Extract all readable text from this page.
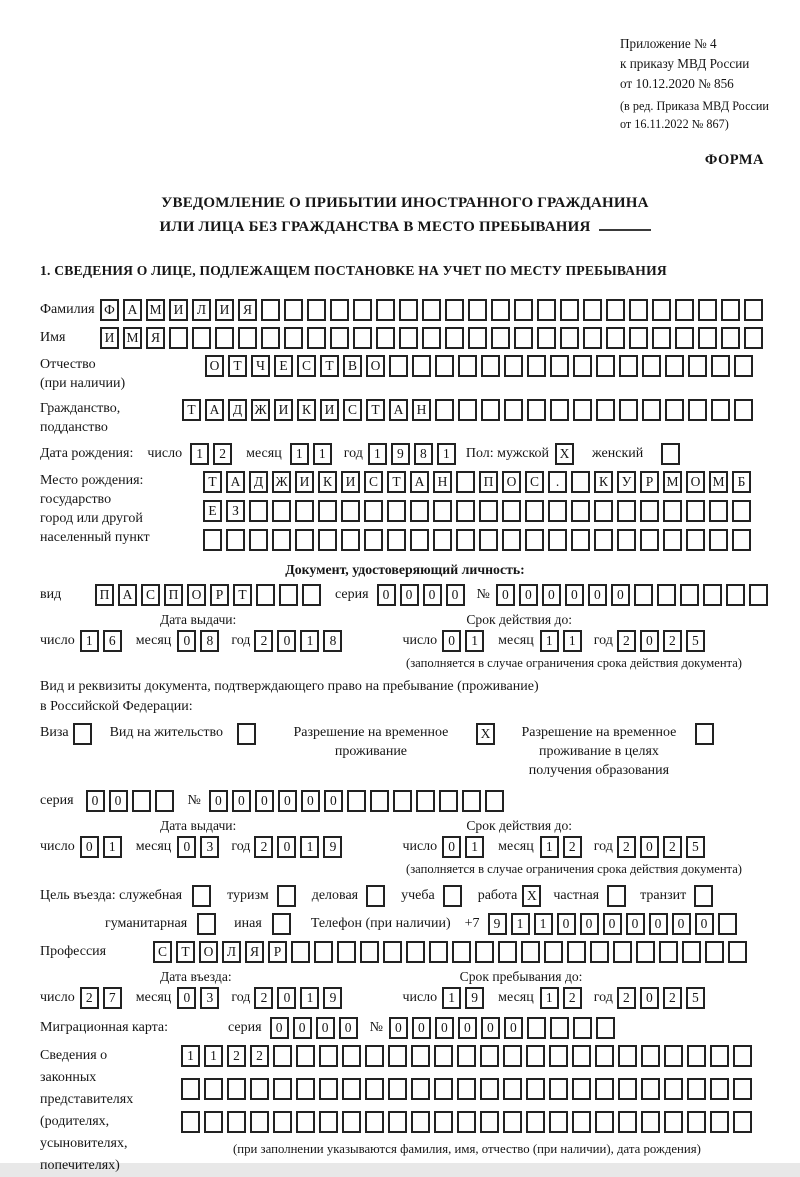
Приложение № 4
к приказу МВД России
от 10.12.2020 № 856
(в ред. Приказа МВД России
от 16.11.2022 № 867)
ФОРМА
УВЕДОМЛЕНИЕ О ПРИБЫТИИ ИНОСТРАННОГО ГРАЖДАНИНА
ИЛИ ЛИЦА БЕЗ ГРАЖДАНСТВА В МЕСТО ПРЕБЫВАНИЯ
1. СВЕДЕНИЯ О ЛИЦЕ, ПОДЛЕЖАЩЕМ ПОСТАНОВКЕ НА УЧЕТ ПО МЕСТУ ПРЕБЫВАНИЯ
Фамилия Ф А М И	Л	И	Я
Имя	И М Я
Отчество
(при наличии)
О	Т	Ч	Е	С	Т	В	О
Гражданство,
подданство
Т	А	Д Ж И	К	И	С	Т	А Н
Дата рождения: число	1	2	месяц	1	1	год 1	9	8	1	Пол: мужской X	женский
Место рождения:
государство
город или другой
населенный пункт
Т	А	Д Ж И	К	И	С	Т	А Н	П О	С	.	К	У	Р М О М Б

Е	З

Документ, удостоверяющий личность:
вид	П А	С	П О	Р	Т	серия	0	0	0	0	№ 0	0	0	0	0	0
Дата выдачи:	Срок действия до:
число 1	6	месяц 0	8	год 2	0	1	8	число 0	1	месяц 1	1	год 2	0	2	5
(заполняется в случае ограничения срока действия документа)
Вид и реквизиты документа, подтверждающего право на пребывание (проживание)
в Российской Федерации:
Виза	Вид на жительство	Разрешение на временное проживание
X	Разрешение на временное проживание в целях получения образования
серия	0	0	№	0	0	0	0	0	0
Дата выдачи:	Срок действия до:
число 0	1	месяц 0	3	год 2	0	1	9	число 0	1	месяц 1	2	год 2	0	2	5
(заполняется в случае ограничения срока действия документа)
Цель въезда: служебная	туризм	деловая	учеба	работа X	частная	транзит
гуманитарная	иная	Телефон (при наличии) +7	9	1	1	0	0	0	0	0	0	0
Профессия	С	Т	О	Л	Я	Р
Дата въезда:	Срок пребывания до:
число 2	7	месяц 0	3	год 2	0	1	9	число 1	9	месяц 1	2	год 2	0	2	5
Миграционная карта:	серия	0	0	0	0	№ 0	0	0	0	0	0
Сведения о
законных
представителях
(родителях,
усыновителях,
попечителях)
1	1	2	2

(при заполнении указываются фамилия, имя, отчество (при наличии), дата рождения)
